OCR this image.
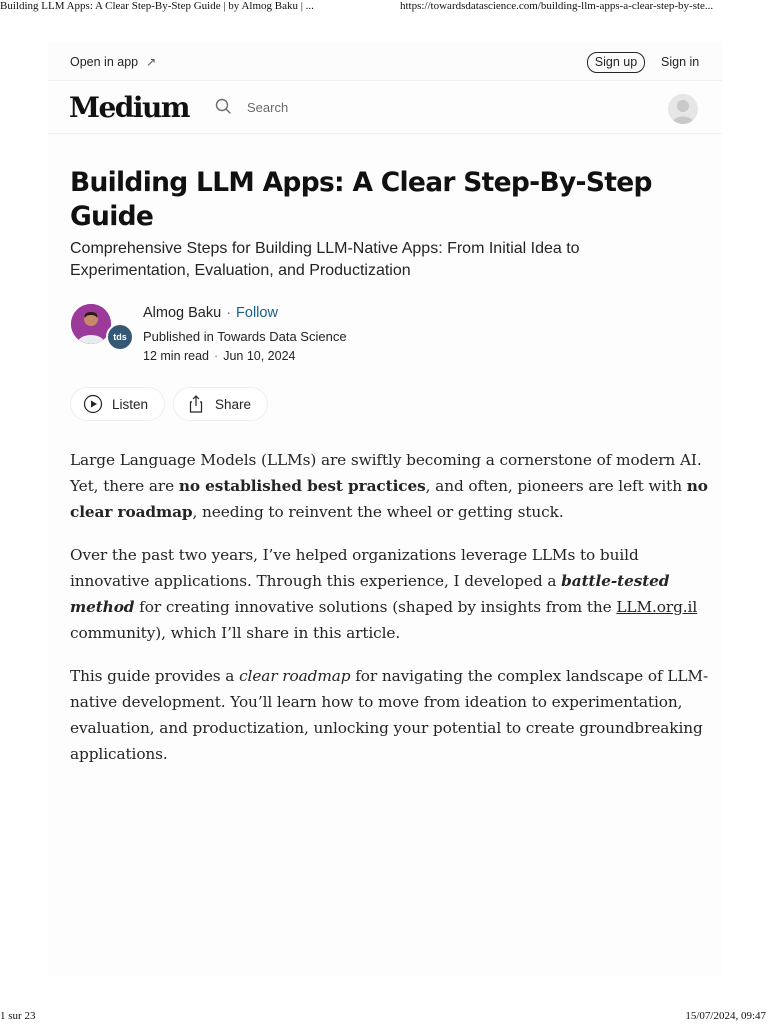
Building LLM Apps: A Clear Step-By-Step Guide | by Almog Baku | ...	https://towardsdatascience.com/building-llm-apps-a-clear-step-by-ste...
Open in app ↗	Sign up	Sign in
Medium	Search
Building LLM Apps: A Clear Step-By-Step Guide

Comprehensive Steps for Building LLM-Native Apps: From Initial Idea to Experimentation, Evaluation, and Productization

tds
Almog Baku · Follow
Published in Towards Data Science
12 min read · Jun 10, 2024
Listen	Share

Large Language Models (LLMs) are swiftly becoming a cornerstone of modern AI. Yet, there are no established best practices, and often, pioneers are left with no clear roadmap, needing to reinvent the wheel or getting stuck.

Over the past two years, I’ve helped organizations leverage LLMs to build innovative applications. Through this experience, I developed a battle-tested method for creating innovative solutions (shaped by insights from the LLM.org.il community), which I’ll share in this article.

This guide provides a clear roadmap for navigating the complex landscape of LLM-native development. You’ll learn how to move from ideation to experimentation, evaluation, and productization, unlocking your potential to create groundbreaking applications.

1 sur 23	15/07/2024, 09:47
